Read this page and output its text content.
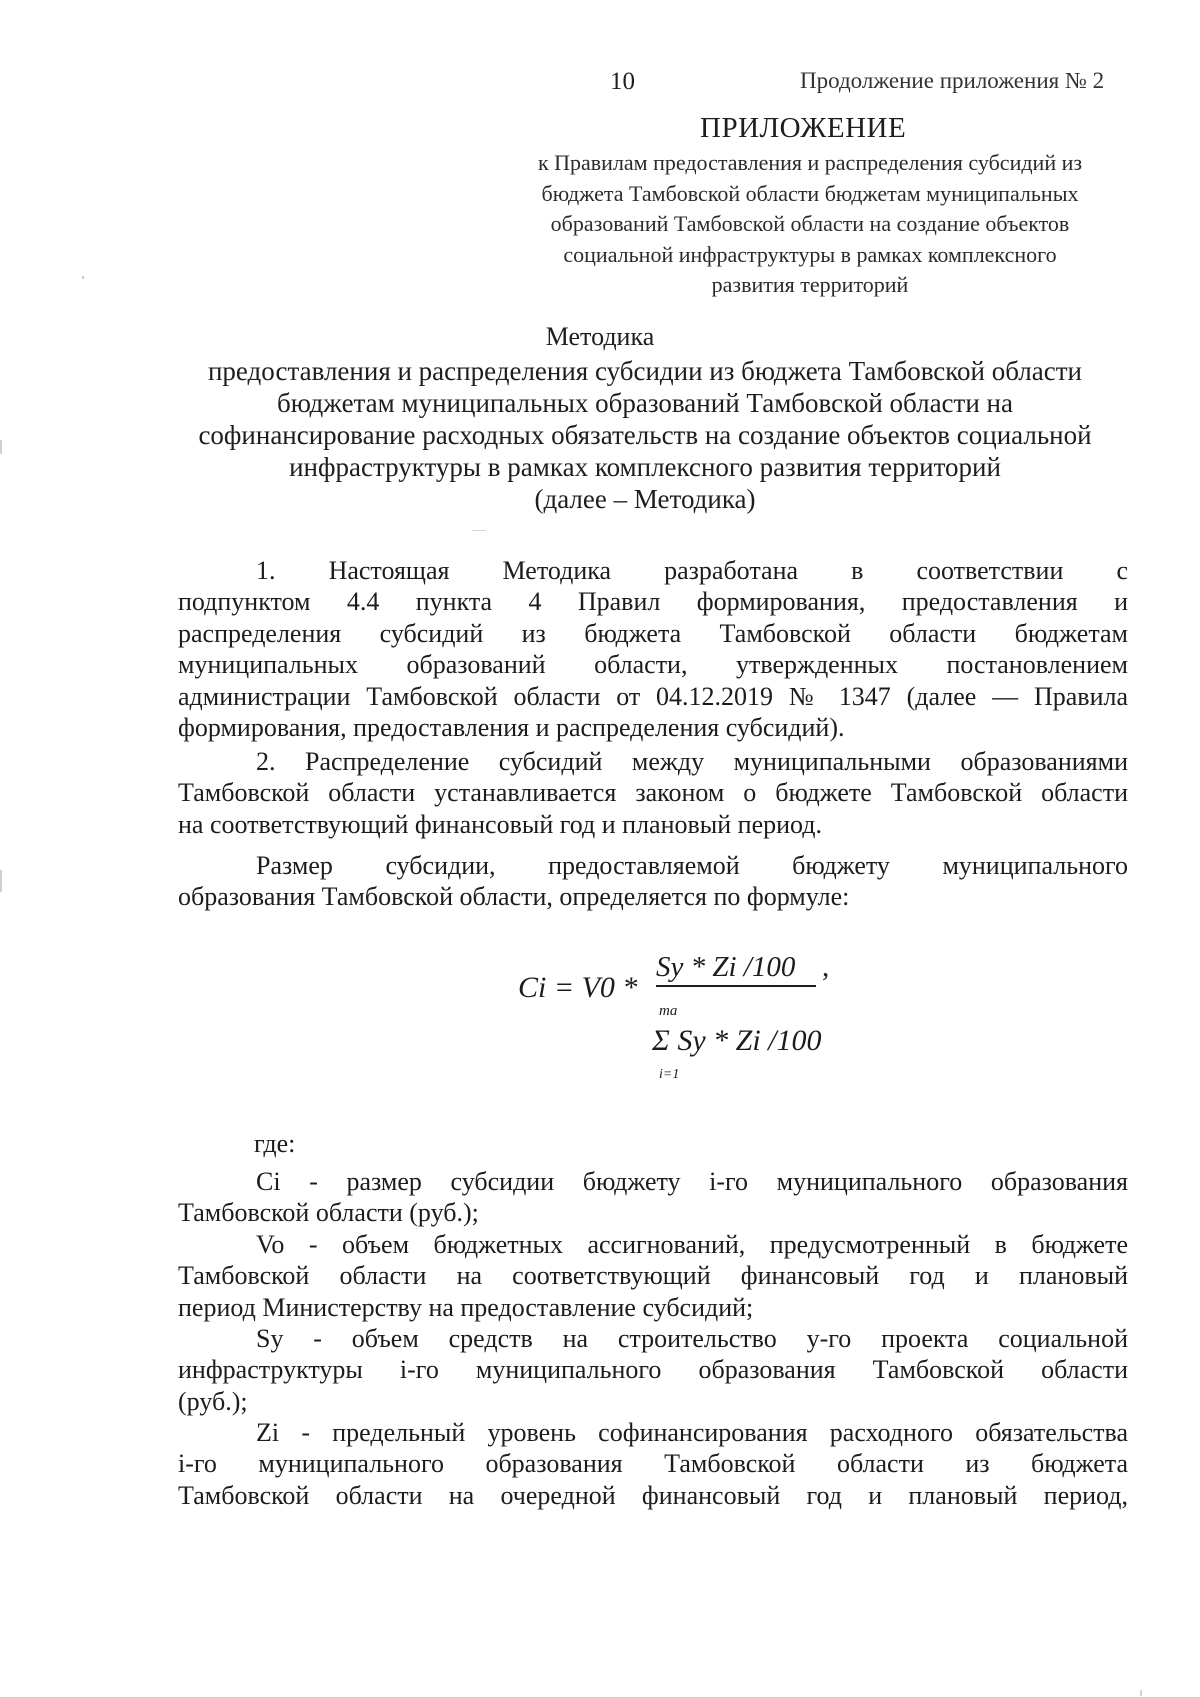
10	Продолжение приложения № 2
ПРИЛОЖЕНИЕ
к Правилам предоставления и распределения субсидий из
бюджета Тамбовской области бюджетам муниципальных
образований Тамбовской области на создание объектов
социальной инфраструктуры в рамках комплексного
развития территорий
Методика
предоставления и распределения субсидии из бюджета Тамбовской области
бюджетам муниципальных образований Тамбовской области на
софинансирование расходных обязательств на создание объектов социальной
инфраструктуры в рамках комплексного развития территорий
(далее – Методика)
1. Настоящая Методика разработана в соответствии с
подпунктом 4.4 пункта 4 Правил формирования, предоставления и
распределения субсидий из бюджета Тамбовской области бюджетам
муниципальных образований области, утвержденных постановлением
администрации Тамбовской области от 04.12.2019 № 1347 (далее — Правила
формирования, предоставления и распределения субсидий).
2. Распределение субсидий между муниципальными образованиями
Тамбовской области устанавливается законом о бюджете Тамбовской области
на соответствующий финансовый год и плановый период.
Размер субсидии, предоставляемой бюджету муниципального
образования Тамбовской области, определяется по формуле:
Ci = V0 *
Sy * Zi /100 ,
ma
Σ Sy * Zi /100
i=1
где:
Ci - размер субсидии бюджету i-го муниципального образования
Тамбовской области (руб.);
Vo - объем бюджетных ассигнований, предусмотренный в бюджете
Тамбовской области на соответствующий финансовый год и плановый
период Министерству на предоставление субсидий;
Sy - объем средств на строительство y-го проекта социальной
инфраструктуры i-го муниципального образования Тамбовской области
(руб.);
Zi - предельный уровень софинансирования расходного обязательства
i-го муниципального образования Тамбовской области из бюджета
Тамбовской области на очередной финансовый год и плановый период,
